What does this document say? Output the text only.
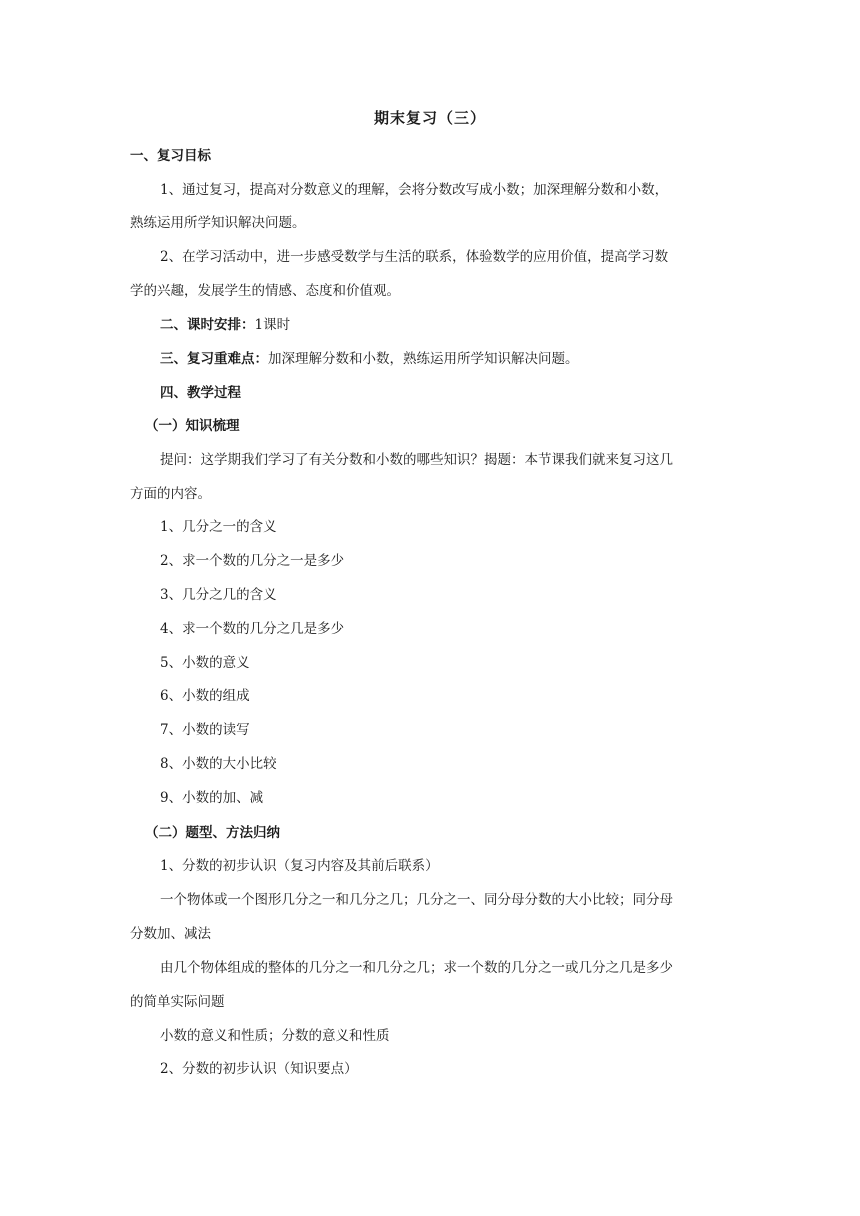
期末复习（三）
一、复习目标
1、通过复习，提高对分数意义的理解，会将分数改写成小数；加深理解分数和小数，
熟练运用所学知识解决问题。
2、在学习活动中，进一步感受数学与生活的联系，体验数学的应用价值，提高学习数
学的兴趣，发展学生的情感、态度和价值观。
二、课时安排：1课时
三、复习重难点：加深理解分数和小数，熟练运用所学知识解决问题。
四、教学过程
（一）知识梳理
提问：这学期我们学习了有关分数和小数的哪些知识？揭题：本节课我们就来复习这几
方面的内容。
1、几分之一的含义
2、求一个数的几分之一是多少
3、几分之几的含义
4、求一个数的几分之几是多少
5、小数的意义
6、小数的组成
7、小数的读写
8、小数的大小比较
9、小数的加、减
（二）题型、方法归纳
1、分数的初步认识（复习内容及其前后联系）
一个物体或一个图形几分之一和几分之几；几分之一、同分母分数的大小比较；同分母
分数加、减法
由几个物体组成的整体的几分之一和几分之几；求一个数的几分之一或几分之几是多少
的简单实际问题
小数的意义和性质；分数的意义和性质
2、分数的初步认识（知识要点）
